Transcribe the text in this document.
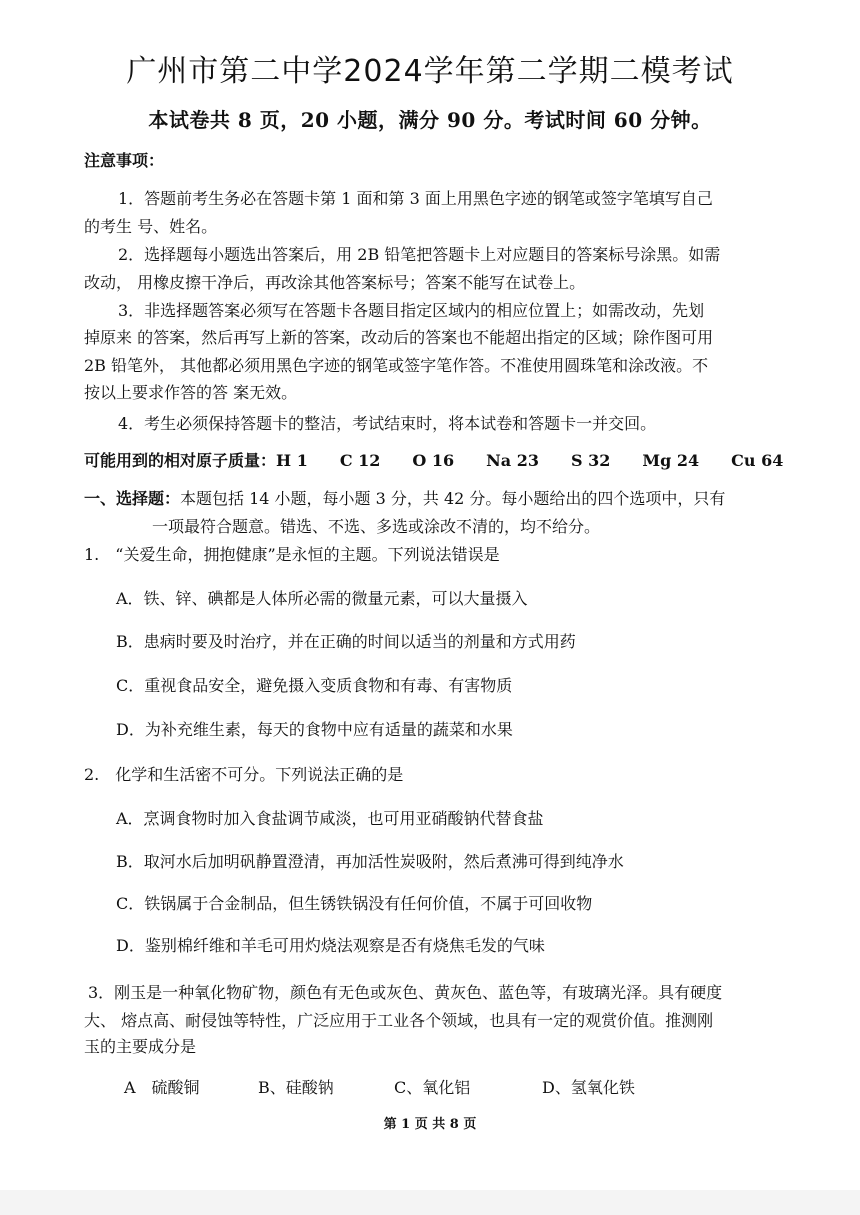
广州市第二中学2024学年第二学期二模考试
本试卷共 8 页，20 小题，满分 90 分。考试时间 60 分钟。
注意事项：
1．答题前考生务必在答题卡第 1 面和第 3 面上用黑色字迹的钢笔或签字笔填写自己
的考生 号、姓名。
2．选择题每小题选出答案后，用 2B 铅笔把答题卡上对应题目的答案标号涂黑。如需
改动， 用橡皮擦干净后，再改涂其他答案标号；答案不能写在试卷上。
3．非选择题答案必须写在答题卡各题目指定区域内的相应位置上；如需改动，先划
掉原来 的答案，然后再写上新的答案，改动后的答案也不能超出指定的区域；除作图可用
2B 铅笔外， 其他都必须用黑色字迹的钢笔或签字笔作答。不准使用圆珠笔和涂改液。不
按以上要求作答的答 案无效。
4．考生必须保持答题卡的整洁，考试结束时，将本试卷和答题卡一并交回。
可能用到的相对原子质量：H 1　　C 12　　O 16　　Na 23　　S 32　　Mg 24　　Cu 64
一、选择题：本题包括 14 小题，每小题 3 分，共 42 分。每小题给出的四个选项中，只有
一项最符合题意。错选、不选、多选或涂改不清的，均不给分。
1.　“关爱生命，拥抱健康”是永恒的主题。下列说法错误是
A．铁、锌、碘都是人体所必需的微量元素，可以大量摄入
B．患病时要及时治疗，并在正确的时间以适当的剂量和方式用药
C．重视食品安全，避免摄入变质食物和有毒、有害物质
D．为补充维生素，每天的食物中应有适量的蔬菜和水果
2.　化学和生活密不可分。下列说法正确的是
A．烹调食物时加入食盐调节咸淡，也可用亚硝酸钠代替食盐
B．取河水后加明矾静置澄清，再加活性炭吸附，然后煮沸可得到纯净水
C．铁锅属于合金制品，但生锈铁锅没有任何价值，不属于可回收物
D．鉴别棉纤维和羊毛可用灼烧法观察是否有烧焦毛发的气味
3．刚玉是一种氧化物矿物，颜色有无色或灰色、黄灰色、蓝色等，有玻璃光泽。具有硬度
大、 熔点高、耐侵蚀等特性，广泛应用于工业各个领域，也具有一定的观赏价值。推测刚
玉的主要成分是
A　硫酸铜	B、硅酸钠	C、氧化铝	D、氢氧化铁
第 1 页 共 8 页
